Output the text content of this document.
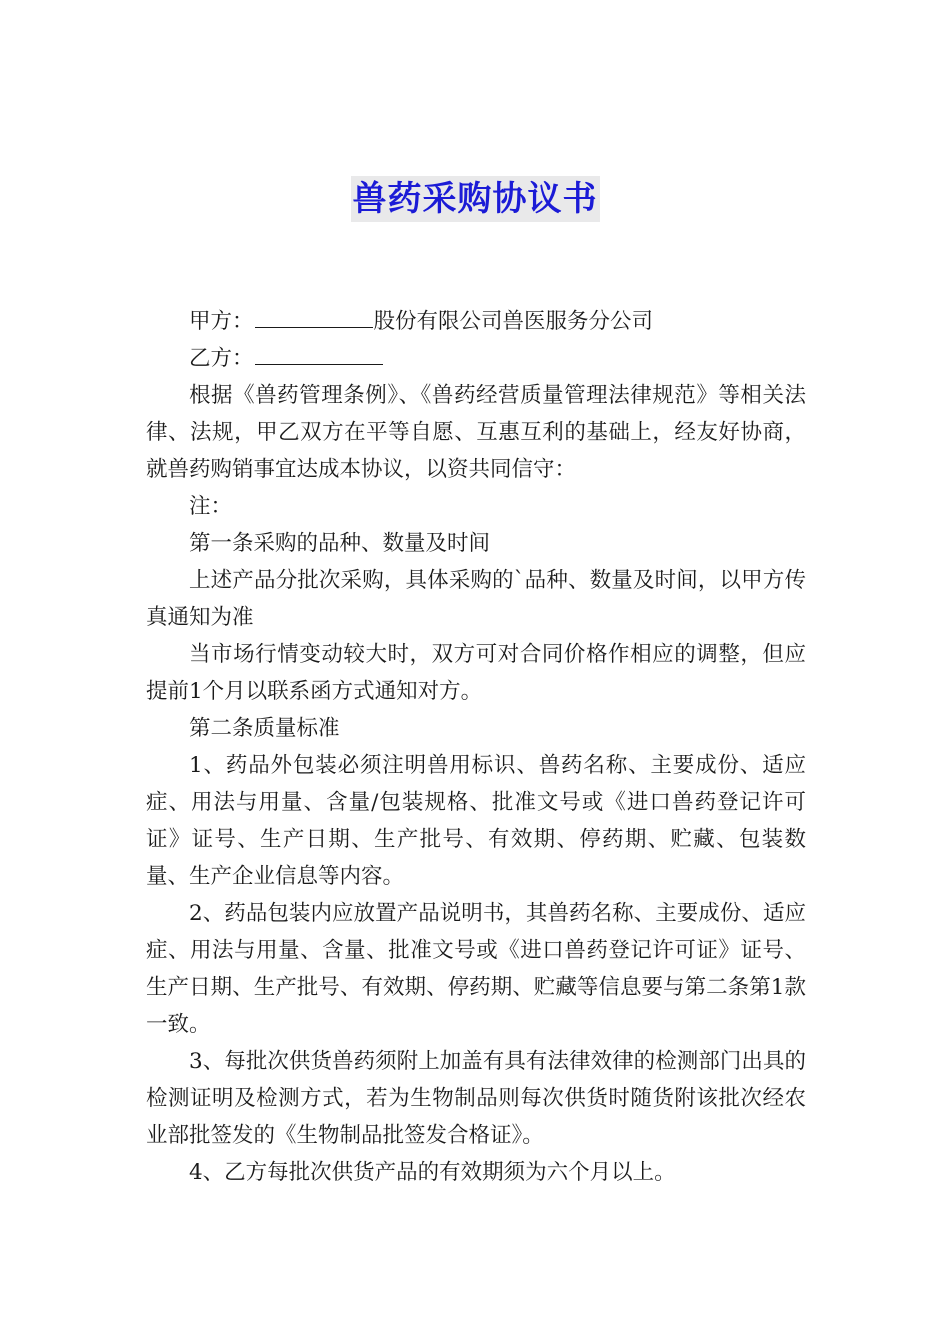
兽药采购协议书
甲方：	股份有限公司兽医服务分公司
乙方：

根据《兽药管理条例》、《兽药经营质量管理法律规范》等相关法律、法规，甲乙双方在平等自愿、互惠互利的基础上，经友好协商，就兽药购销事宜达成本协议，以资共同信守：

注：

第一条采购的品种、数量及时间

上述产品分批次采购，具体采购的`品种、数量及时间，以甲方传真通知为准

当市场行情变动较大时，双方可对合同价格作相应的调整，但应提前1个月以联系函方式通知对方。

第二条质量标准

1、药品外包装必须注明兽用标识、兽药名称、主要成份、适应症、用法与用量、含量/包装规格、批准文号或《进口兽药登记许可证》证号、生产日期、生产批号、有效期、停药期、贮藏、包装数量、生产企业信息等内容。

2、药品包装内应放置产品说明书，其兽药名称、主要成份、适应症、用法与用量、含量、批准文号或《进口兽药登记许可证》证号、生产日期、生产批号、有效期、停药期、贮藏等信息要与第二条第1款一致。

3、每批次供货兽药须附上加盖有具有法律效律的检测部门出具的检测证明及检测方式，若为生物制品则每次供货时随货附该批次经农业部批签发的《生物制品批签发合格证》。

4、乙方每批次供货产品的有效期须为六个月以上。
